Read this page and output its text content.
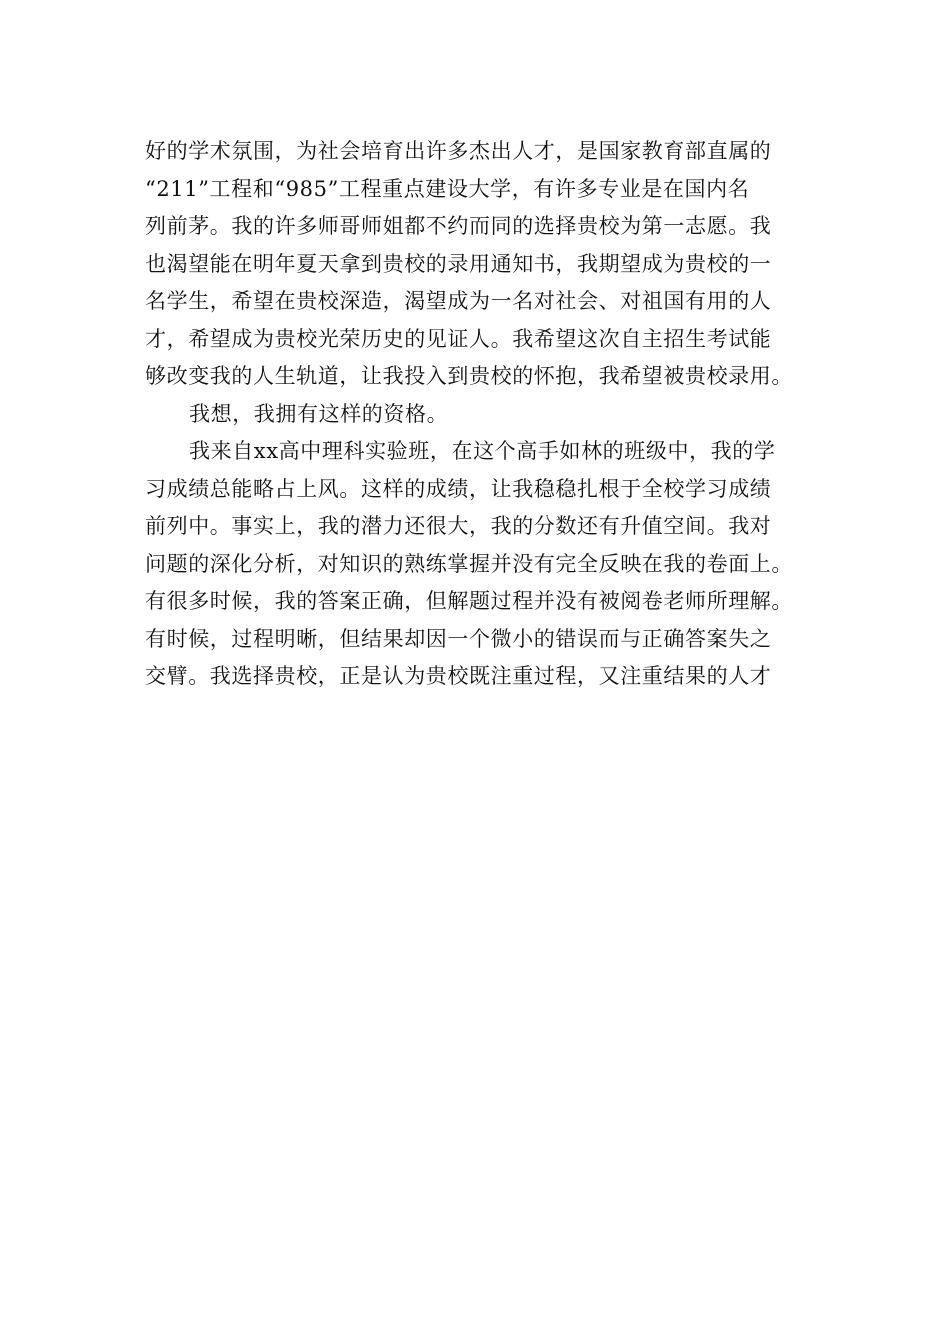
好的学术氛围，为社会培育出许多杰出人才，是国家教育部直属的

“211”工程和“985”工程重点建设大学，有许多专业是在国内名

列前茅。我的许多师哥师姐都不约而同的选择贵校为第一志愿。我

也渴望能在明年夏天拿到贵校的录用通知书，我期望成为贵校的一

名学生，希望在贵校深造，渴望成为一名对社会、对祖国有用的人

才，希望成为贵校光荣历史的见证人。我希望这次自主招生考试能

够改变我的人生轨道，让我投入到贵校的怀抱，我希望被贵校录用。

我想，我拥有这样的资格。

我来自xx高中理科实验班，在这个高手如林的班级中，我的学

习成绩总能略占上风。这样的成绩，让我稳稳扎根于全校学习成绩

前列中。事实上，我的潜力还很大，我的分数还有升值空间。我对

问题的深化分析，对知识的熟练掌握并没有完全反映在我的卷面上。

有很多时候，我的答案正确，但解题过程并没有被阅卷老师所理解。

有时候，过程明晰，但结果却因一个微小的错误而与正确答案失之

交臂。我选择贵校，正是认为贵校既注重过程，又注重结果的人才
